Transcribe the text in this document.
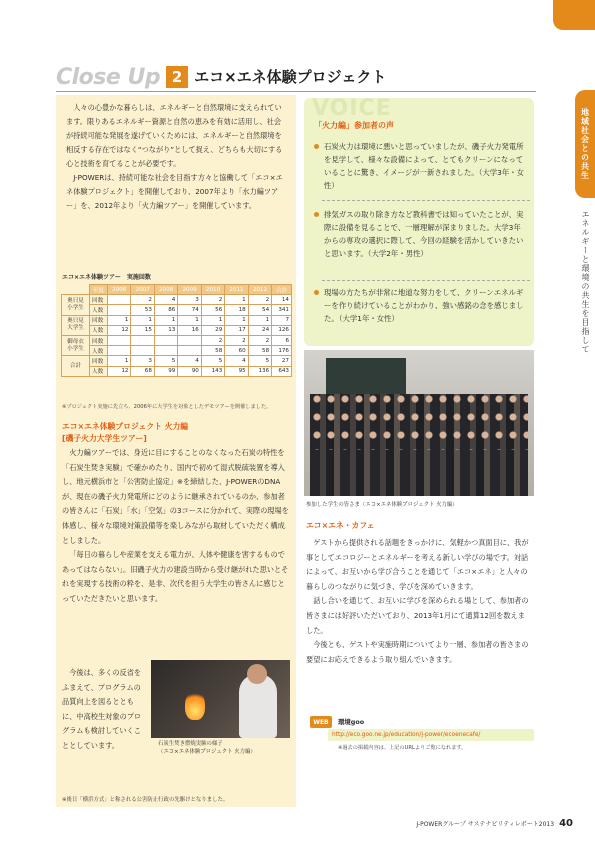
地域社会との共生
エネルギーと環境の共生を目指して
Close Up 2 エコ×エネ体験プロジェクト

人々の心豊かな暮らしは、エネルギーと自然環境に支えられています。限りあるエネルギー資源と自然の恵みを有効に活用し、社会が持続可能な発展を遂げていくためには、エネルギーと自然環境を相反する存在ではなく“つながり”として捉え、どちらも大切にする心と技術を育てることが必要です。

J-POWERは、持続可能な社会を目指す方々と協働して「エコ×エネ体験プロジェクト」を開催しており、2007年より「水力編ツアー」を、2012年より「火力編ツアー」を開催しています。

エコ×エネ体験ツアー　実施回数
	年度	2006	2007	2008	2009	2010	2011	2012	合計
奥只見 小学生	回数		2	4	3	2	1	2	14
	人数		53	86	74	56	18	54	341
奥只見 大学生	回数	1	1	1	1	1	1	1	7
	人数	12	15	13	16	29	17	24	126
御母衣 小学生	回数					2	2	2	6
	人数					58	60	58	176
合計	回数	1	3	5	4	5	4	5	27
	人数	12	68	99	90	143	95	136	643
※プロジェクト実施に先立ち、2006年に大学生を対象としたデモツアーを開催しました。
エコ×エネ体験プロジェクト 火力編
[磯子火力大学生ツアー]

火力編ツアーでは、身近に目にすることのなくなった石炭の特性を「石炭生焚き実験」で確かめたり、国内で初めて湿式脱硫装置を導入し、地元横浜市と「公害防止協定」※を締結した、J-POWERのDNAが、現在の磯子火力発電所にどのように継承されているのか、参加者の皆さんに「石炭」「水」「空気」の3コースに分かれて、実際の現場を体感し、様々な環境対策設備等を楽しみながら取材していただく構成としました。

「毎日の暮らしや産業を支える電力が、人体や健康を害するものであってはならない」。旧磯子火力の建設当時から受け継がれた思いとそれを実現する技術の粋を、是非、次代を担う大学生の皆さんに感じとっていただきたいと思います。

今後は、多くの反省をふまえて、プログラムの品質向上を図るとともに、中高校生対象のプログラムも検討していくこととしています。	石炭生焚き燃焼実験の様子
（エコ×エネ体験プロジェクト 火力編）
※後日「横浜方式」と称される公害防止行政の先駆けとなりました。
VOICE
「火力編」参加者の声
石炭火力は環境に悪いと思っていましたが、磯子火力発電所を見学して、様々な設備によって、とてもクリーンになっていることに驚き、イメージが一新されました。（大学3年・女性）
排気ガスの取り除き方など教科書では知っていたことが、実際に設備を見ることで、一層理解が深まりました。大学3年からの専攻の選択に際して、今回の経験を活かしていきたいと思います。（大学2年・男性）
現場の方たちが非常に地道な努力をして、クリーンエネルギーを作り続けていることがわかり、強い感銘の念を感じました。（大学1年・女性）
参加した学生の皆さま（エコ×エネ体験プロジェクト 火力編）
エコ×エネ・カフェ

ゲストから提供される話題をきっかけに、気軽かつ真面目に、我が事としてエコロジーとエネルギーを考える新しい学びの場です。対話によって、お互いから学び合うことを通じて「エコ×エネ」と人々の暮らしのつながりに気づき、学びを深めていきます。

話し合いを通じて、お互いに学びを深められる場として、参加者の皆さまには好評いただいており、2013年1月にて通算12回を数えました。

今後とも、ゲストや実施時期についてより一層、参加者の皆さまの要望にお応えできるよう取り組んでいきます。

WEB	環境goo
http://eco.goo.ne.jp/education/j-power/ecoenecafe/
※過去の掲載内容は、上記のURLよりご覧になれます。
J-POWERグループ サステナビリティレポート2013 40
